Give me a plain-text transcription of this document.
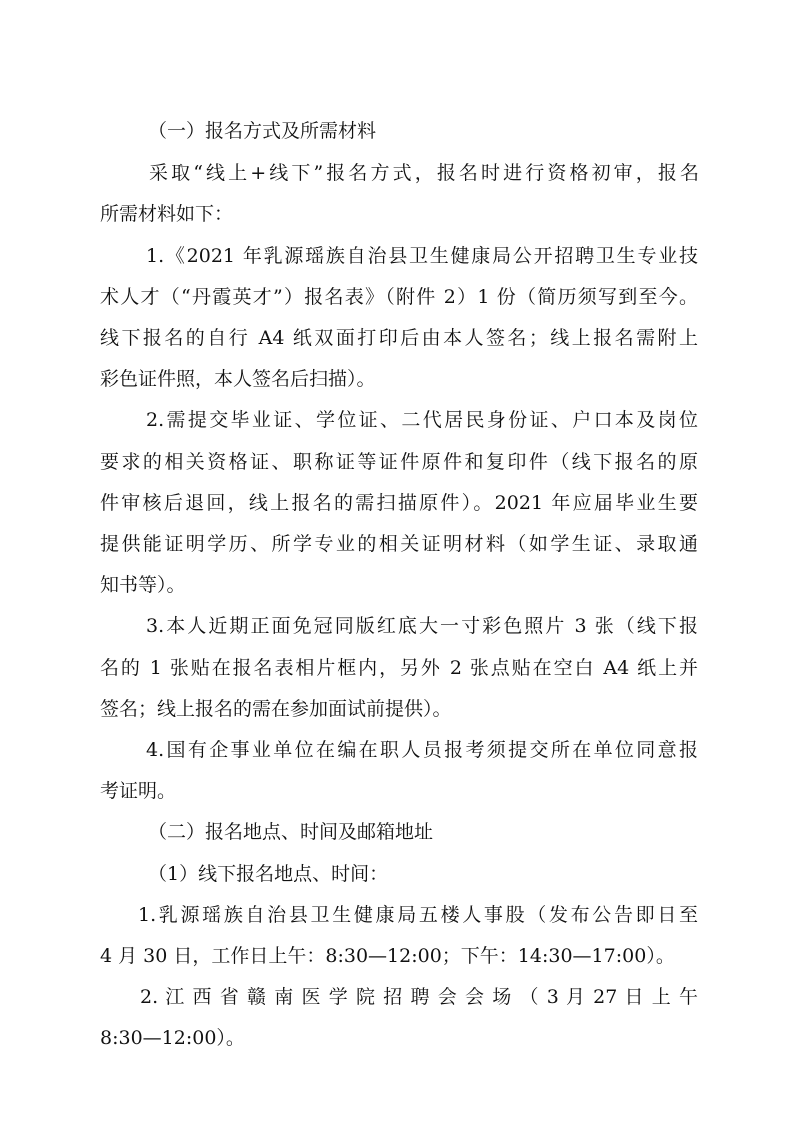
（一）报名方式及所需材料
采取“线上+线下”报名方式，报名时进行资格初审，报名
所需材料如下：
1.《2021 年乳源瑶族自治县卫生健康局公开招聘卫生专业技
术人才（“丹霞英才”）报名表》（附件 2）1 份（简历须写到至今。
线下报名的自行 A4 纸双面打印后由本人签名；线上报名需附上
彩色证件照，本人签名后扫描）。
2.需提交毕业证、学位证、二代居民身份证、户口本及岗位
要求的相关资格证、职称证等证件原件和复印件（线下报名的原
件审核后退回，线上报名的需扫描原件）。2021 年应届毕业生要
提供能证明学历、所学专业的相关证明材料（如学生证、录取通
知书等）。
3.本人近期正面免冠同版红底大一寸彩色照片 3 张（线下报
名的 1 张贴在报名表相片框内，另外 2 张点贴在空白 A4 纸上并
签名；线上报名的需在参加面试前提供）。
4.国有企事业单位在编在职人员报考须提交所在单位同意报
考证明。
（二）报名地点、时间及邮箱地址
（1）线下报名地点、时间：
1.乳源瑶族自治县卫生健康局五楼人事股（发布公告即日至
4 月 30 日，工作日上午：8:30—12:00；下午：14:30—17:00）。
2. 江 西 省 赣 南 医 学 院 招 聘 会 会 场 （ 3 月 27 日 上 午
8:30—12:00）。
